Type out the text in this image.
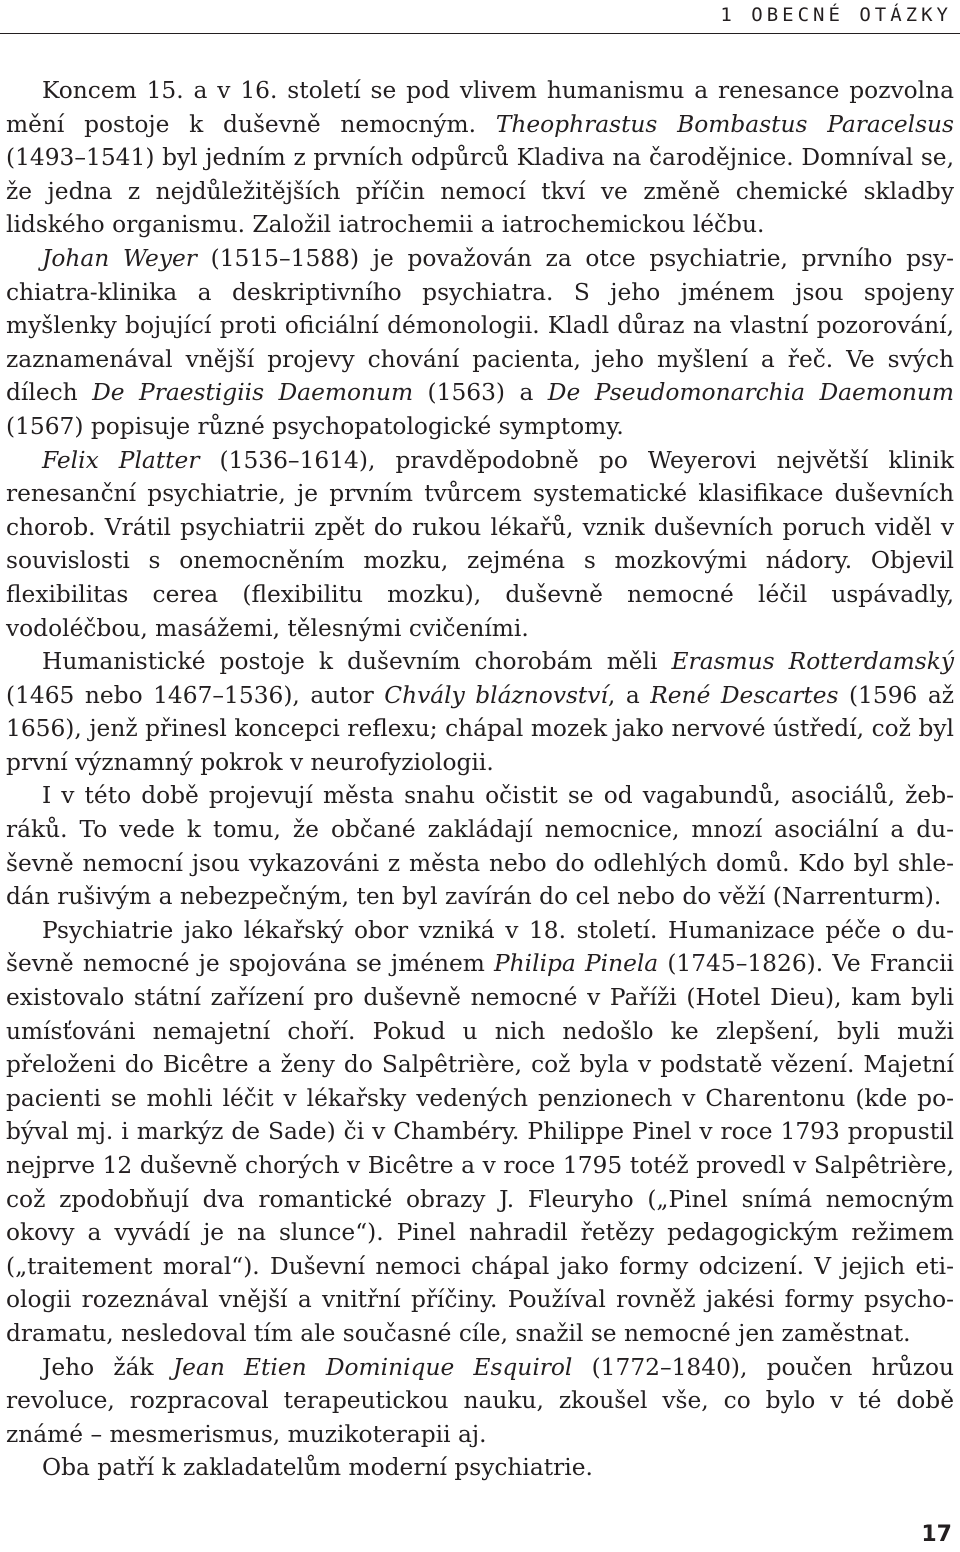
1 OBECNÉ OTÁZKY

Koncem 15. a v 16. století se pod vlivem humanismu a renesance pozvolna mění postoje k duševně nemocným. Theophrastus Bombastus Paracelsus (1493–1541) byl jedním z prvních odpůrců Kladiva na čarodějnice. Domníval se, že jedna z nejdůležitějších příčin nemocí tkví ve změně chemické skladby lidského organismu. Založil iatrochemii a iatrochemickou léčbu.

Johan Weyer (1515–1588) je považován za otce psychiatrie, prvního psychiatra-klinika a deskriptivního psychiatra. S jeho jménem jsou spojeny myšlenky bojující proti oficiální démonologii. Kladl důraz na vlastní pozorování, zaznamenával vnější projevy chování pacienta, jeho myšlení a řeč. Ve svých dílech De Praestigiis Daemonum (1563) a De Pseudomonarchia Daemonum (1567) popisuje různé psychopatologické symptomy.

Felix Platter (1536–1614), pravděpodobně po Weyerovi největší klinik renesanční psychiatrie, je prvním tvůrcem systematické klasifikace duševních chorob. Vrátil psychiatrii zpět do rukou lékařů, vznik duševních poruch viděl v souvislosti s onemocněním mozku, zejména s mozkovými nádory. Objevil flexibilitas cerea (flexibilitu mozku), duševně nemocné léčil uspávadly, vodoléčbou, masážemi, tělesnými cvičeními.

Humanistické postoje k duševním chorobám měli Erasmus Rotterdamský (1465 nebo 1467–1536), autor Chvály bláznovství, a René Descartes (1596 až 1656), jenž přinesl koncepci reflexu; chápal mozek jako nervové ústředí, což byl první významný pokrok v neurofyziologii.

I v této době projevují města snahu očistit se od vagabundů, asociálů, žebráků. To vede k tomu, že občané zakládají nemocnice, mnozí asociální a duševně nemocní jsou vykazováni z města nebo do odlehlých domů. Kdo byl shledán rušivým a nebezpečným, ten byl zavírán do cel nebo do věží (Narrenturm).

Psychiatrie jako lékařský obor vzniká v 18. století. Humanizace péče o duševně nemocné je spojována se jménem Philipa Pinela (1745–1826). Ve Francii existovalo státní zařízení pro duševně nemocné v Paříži (Hotel Dieu), kam byli umísťováni nemajetní choří. Pokud u nich nedošlo ke zlepšení, byli muži přeloženi do Bicêtre a ženy do Salpêtrière, což byla v podstatě vězení. Majetní pacienti se mohli léčit v lékařsky vedených penzionech v Charentonu (kde pobýval mj. i markýz de Sade) či v Chambéry. Philippe Pinel v roce 1793 propustil nejprve 12 duševně chorých v Bicêtre a v roce 1795 totéž provedl v Salpêtrière, což zpodobňují dva romantické obrazy J. Fleuryho („Pinel snímá nemocným okovy a vyvádí je na slunce“). Pinel nahradil řetězy pedagogickým režimem („traitement moral“). Duševní nemoci chápal jako formy odcizení. V jejich etiologii rozeznával vnější a vnitřní příčiny. Používal rovněž jakési formy psychodramatu, nesledoval tím ale současné cíle, snažil se nemocné jen zaměstnat.

Jeho žák Jean Etien Dominique Esquirol (1772–1840), poučen hrůzou revoluce, rozpracoval terapeutickou nauku, zkoušel vše, co bylo v té době známé – mesmerismus, muzikoterapii aj.

Oba patří k zakladatelům moderní psychiatrie.

17
